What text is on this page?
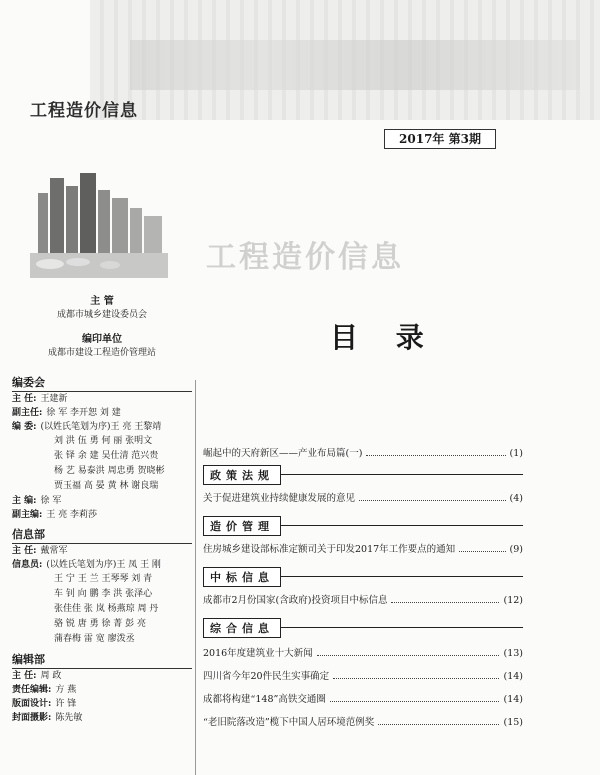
工程造价信息
2017年 第3期
工程造价信息
主 管
成都市城乡建设委员会
编印单位
成都市建设工程造价管理站
编委会
主 任: 王建新
副主任: 徐 军 李开恕 刘 建
编 委: (以姓氏笔划为序)王 亮 王黎靖
刘 洪 伍 勇 何 丽 张明文
张 铎 余 建 吴仕清 范兴贵
杨 艺 易泰洪 周忠勇 贺晓彬
贾玉福 高 晏 黄 林 谢良瑞
主 编: 徐 军
副主编: 王 亮 李莉莎
信息部
主 任: 戴常军
信息员: (以姓氏笔划为序)王 凤 王 刚
王 宁 王 兰 王琴琴 刘 青
车 钊 向 鹏 李 洪 张泽心
张佳佳 张 岚 杨燕琼 周 丹
骆 锐 唐 勇 徐 菁 彭 亮
蒲春梅 雷 宽 廖泼丞
编辑部
主 任: 周 政
责任编辑: 方 燕
版面设计: 许 锋
封面摄影: 陈先敏
目 录
崛起中的天府新区——产业布局篇(一)	(1)
政策法规
关于促进建筑业持续健康发展的意见	(4)
造价管理
住房城乡建设部标准定额司关于印发2017年工作要点的通知	(9)
中标信息
成都市2月份国家(含政府)投资项目中标信息	(12)
综合信息
2016年度建筑业十大新闻	(13)
四川省今年20件民生实事确定	(14)
成都将构建“148”高铁交通圈	(14)
“老旧院落改造”榄下中国人居环境范例奖	(15)
